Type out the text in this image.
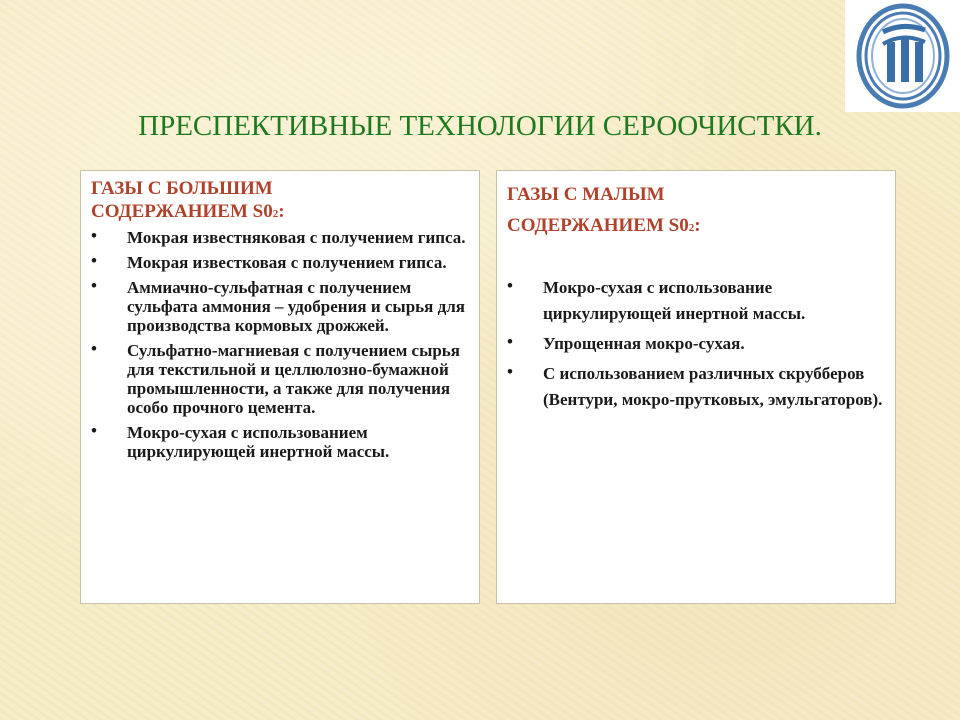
ПРЕСПЕКТИВНЫЕ ТЕХНОЛОГИИ СЕРООЧИСТКИ.
ГАЗЫ С БОЛЬШИМ
СОДЕРЖАНИЕМ S02:
• Мокрая известняковая с получением гипса.
• Мокрая известковая с получением гипса.
• Аммиачно-сульфатная с получением сульфата аммония – удобрения и сырья для производства кормовых дрожжей.
• Сульфатно-магниевая с получением сырья для текстильной и целлюлозно-бумажной промышленности, а также для получения особо прочного цемента.
• Мокро-сухая с использованием циркулирующей инертной массы.
ГАЗЫ С МАЛЫМ
СОДЕРЖАНИЕМ S02:
• Мокро-сухая с использование циркулирующей инертной массы.
• Упрощенная мокро-сухая.
• С использованием различных скрубберов (Вентури, мокро-прутковых, эмульгаторов).
